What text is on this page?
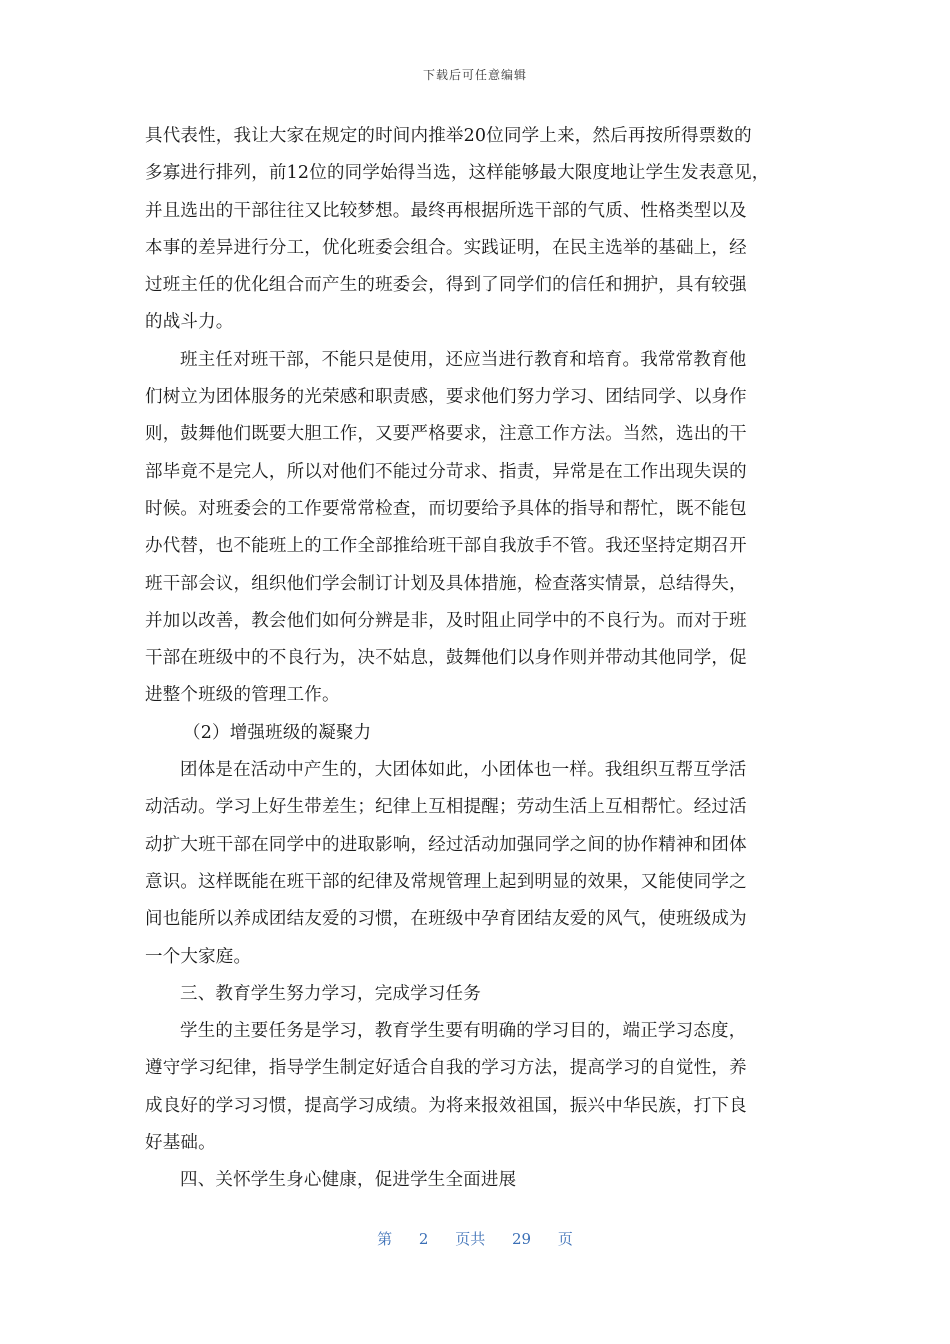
下载后可任意编辑
具代表性，我让大家在规定的时间内推举20位同学上来，然后再按所得票数的
多寡进行排列，前12位的同学始得当选，这样能够最大限度地让学生发表意见，
并且选出的干部往往又比较梦想。最终再根据所选干部的气质、性格类型以及
本事的差异进行分工，优化班委会组合。实践证明，在民主选举的基础上，经
过班主任的优化组合而产生的班委会，得到了同学们的信任和拥护，具有较强
的战斗力。
班主任对班干部，不能只是使用，还应当进行教育和培育。我常常教育他
们树立为团体服务的光荣感和职责感，要求他们努力学习、团结同学、以身作
则，鼓舞他们既要大胆工作，又要严格要求，注意工作方法。当然，选出的干
部毕竟不是完人，所以对他们不能过分苛求、指责，异常是在工作出现失误的
时候。对班委会的工作要常常检查，而切要给予具体的指导和帮忙，既不能包
办代替，也不能班上的工作全部推给班干部自我放手不管。我还坚持定期召开
班干部会议，组织他们学会制订计划及具体措施，检查落实情景，总结得失，
并加以改善，教会他们如何分辨是非，及时阻止同学中的不良行为。而对于班
干部在班级中的不良行为，决不姑息，鼓舞他们以身作则并带动其他同学，促
进整个班级的管理工作。
（2）增强班级的凝聚力
团体是在活动中产生的，大团体如此，小团体也一样。我组织互帮互学活
动活动。学习上好生带差生；纪律上互相提醒；劳动生活上互相帮忙。经过活
动扩大班干部在同学中的进取影响，经过活动加强同学之间的协作精神和团体
意识。这样既能在班干部的纪律及常规管理上起到明显的效果，又能使同学之
间也能所以养成团结友爱的习惯，在班级中孕育团结友爱的风气，使班级成为
一个大家庭。
三、教育学生努力学习，完成学习任务
学生的主要任务是学习，教育学生要有明确的学习目的，端正学习态度，
遵守学习纪律，指导学生制定好适合自我的学习方法，提高学习的自觉性，养
成良好的学习习惯，提高学习成绩。为将来报效祖国，振兴中华民族，打下良
好基础。
四、关怀学生身心健康，促进学生全面进展
第 2 页共 29 页
